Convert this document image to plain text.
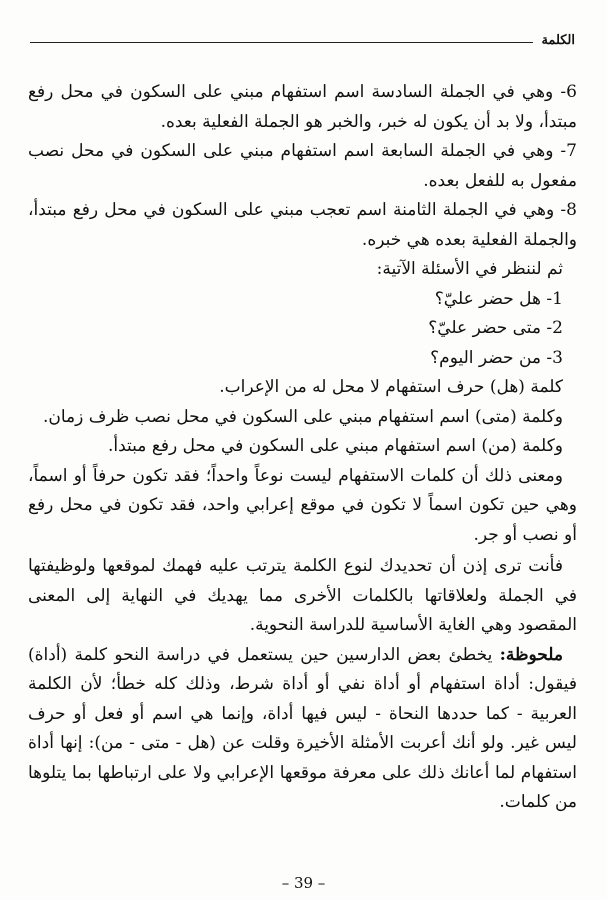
الكلمة

6- وهي في الجملة السادسة اسم استفهام مبني على السكون في محل رفع مبتدأ، ولا بد أن يكون له خبر، والخبر هو الجملة الفعلية بعده.

7- وهي في الجملة السابعة اسم استفهام مبني على السكون في محل نصب مفعول به للفعل بعده.

8- وهي في الجملة الثامنة اسم تعجب مبني على السكون في محل رفع مبتدأ، والجملة الفعلية بعده هي خبره.

ثم لننظر في الأسئلة الآتية:

1- هل حضر عليّ؟

2- متى حضر عليّ؟

3- من حضر اليوم؟

كلمة (هل) حرف استفهام لا محل له من الإعراب.

وكلمة (متى) اسم استفهام مبني على السكون في محل نصب ظرف زمان.

وكلمة (من) اسم استفهام مبني على السكون في محل رفع مبتدأ.

ومعنى ذلك أن كلمات الاستفهام ليست نوعاً واحداً؛ فقد تكون حرفاً أو اسماً، وهي حين تكون اسماً لا تكون في موقع إعرابي واحد، فقد تكون في محل رفع أو نصب أو جر.

فأنت ترى إذن أن تحديدك لنوع الكلمة يترتب عليه فهمك لموقعها ولوظيفتها في الجملة ولعلاقاتها بالكلمات الأخرى مما يهديك في النهاية إلى المعنى المقصود وهي الغاية الأساسية للدراسة النحوية.

ملحوظة: يخطئ بعض الدارسين حين يستعمل في دراسة النحو كلمة (أداة) فيقول: أداة استفهام أو أداة نفي أو أداة شرط، وذلك كله خطأ؛ لأن الكلمة العربية - كما حددها النحاة - ليس فيها أداة، وإنما هي اسم أو فعل أو حرف ليس غير. ولو أنك أعربت الأمثلة الأخيرة وقلت عن (هل - متى - من): إنها أداة استفهام لما أعانك ذلك على معرفة موقعها الإعرابي ولا على ارتباطها بما يتلوها من كلمات.

– 39 –
